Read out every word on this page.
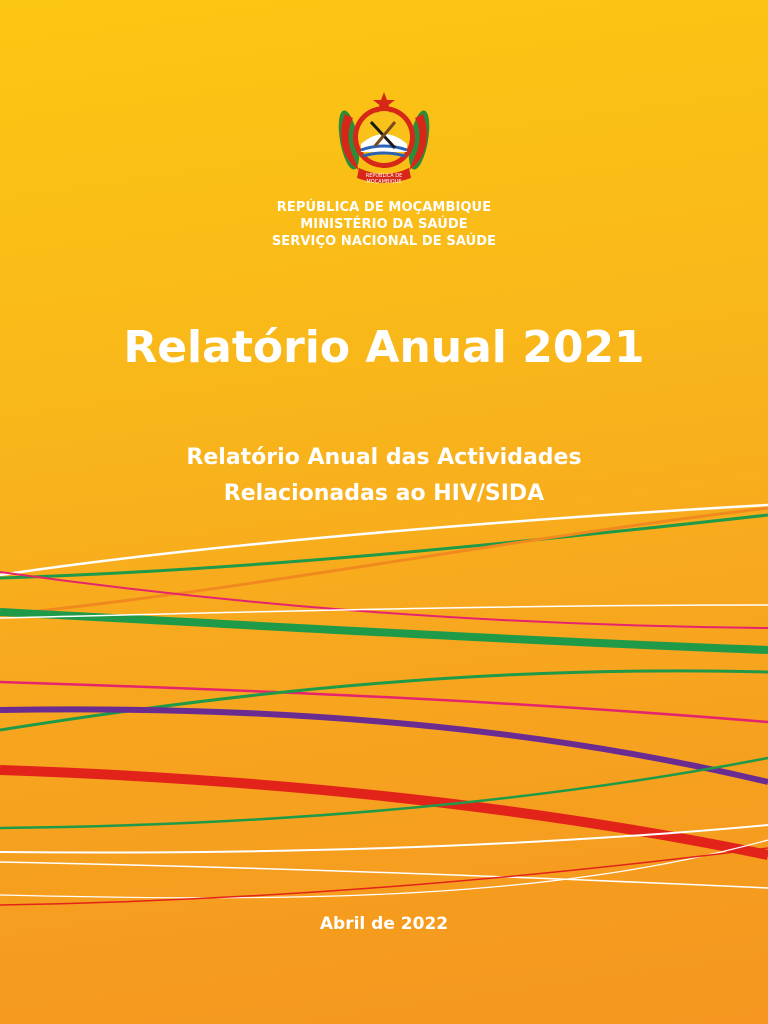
REPÚBLICA DE
MOÇAMBIQUE
REPÚBLICA DE MOÇAMBIQUE
MINISTÉRIO DA SAÚDE
SERVIÇO NACIONAL DE SAÚDE
Relatório Anual 2021
Relatório Anual das Actividades
Relacionadas ao HIV/SIDA
Abril de 2022
